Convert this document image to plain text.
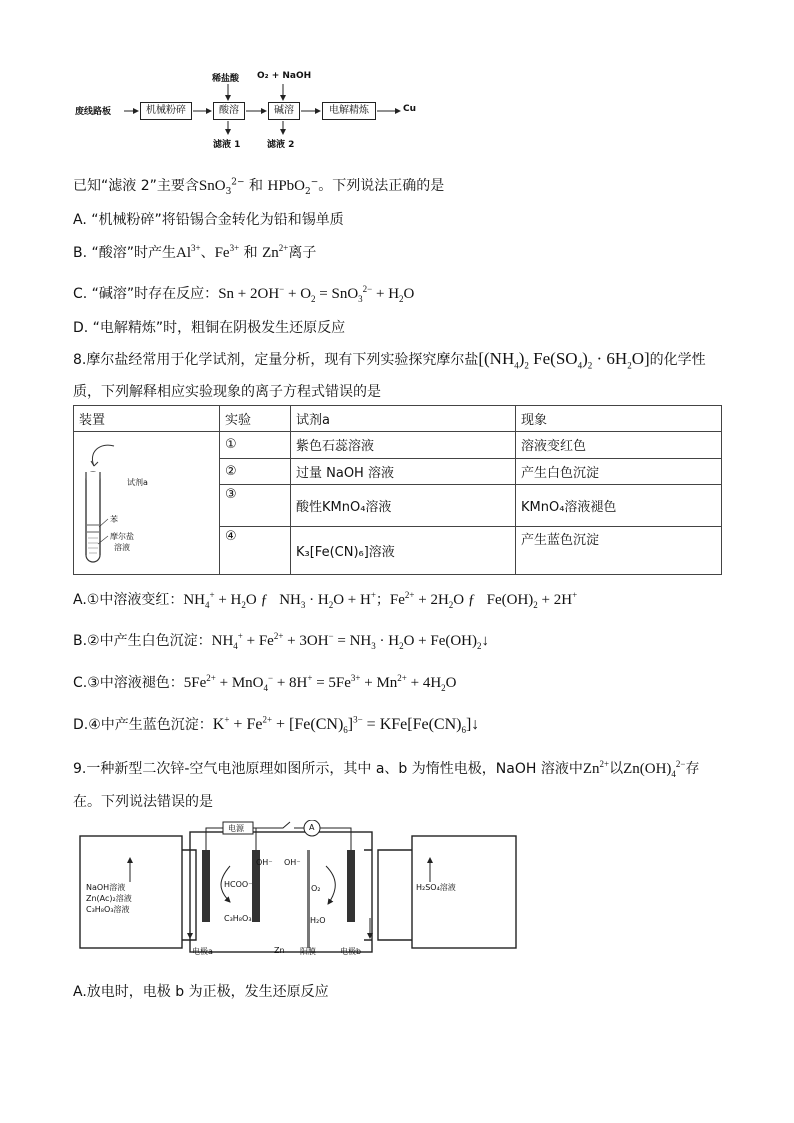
废线路板	机械粉碎	酸溶	碱溶	电解精炼	Cu
稀盐酸 O₂ + NaOH
滤液 1	滤液 2
已知“滤液 2”主要含SnO$_3^{2-}$ 和 HPbO$_2$−。下列说法正确的是
A. “机械粉碎”将铅锡合金转化为铅和锡单质
B. “酸溶”时产生$Al^{3+}$、$Fe^{3+}$ 和 $Zn^{2+}$离子
C. “碱溶”时存在反应：$Sn + 2OH^- + O_2 = SnO_3^{2-} + H_2O$
D. “电解精炼”时，粗铜在阴极发生还原反应
8.摩尔盐经常用于化学试剂，定量分析，现有下列实验探究摩尔盐[$(NH_4)_2$ $Fe(SO_4)_2 \cdot 6H_2O$]的化学性
质，下列解释相应实验现象的离子方程式错误的是
装置	实验	试剂a	现象

试剂a
苯
摩尔盐
溶液	①	紫色石蕊溶液	溶液变红色
	②	过量 NaOH 溶液	产生白色沉淀
	③	酸性KMnO₄溶液	KMnO₄溶液褪色
	④	K₃[Fe(CN)₆]溶液	产生蓝色沉淀
A.①中溶液变红：$NH_4^+ + H_2O$ ƒ   $NH_3 \cdot H_2O + H^+$；$Fe^{2+} + 2H_2O$ ƒ   $Fe(OH)_2 + 2H^+$
B.②中产生白色沉淀：$NH_4^+ + Fe^{2+} + 3OH^- = NH_3 \cdot H_2O$ + $Fe(OH)_2↓$
C.③中溶液褪色：$5Fe^{2+} + MnO_4^- + 8H^+ = 5Fe^{3+} + Mn^{2+} + 4H_2O$
D.④中产生蓝色沉淀：$K^+ + Fe^{2+} + [Fe(CN)_6]^{3-}$ = $KFe[Fe(CN)_6]↓$
9.一种新型二次锌-空气电池原理如图所示，其中 a、b 为惰性电极，NaOH 溶液中$Zn^{2+}$以$Zn(OH)_4^{2-}$存
在。下列说法错误的是
电源	A
NaOH溶液
Zn(Ac)₂溶液
C₃H₈O₃溶液
H₂SO₄溶液
HCOO⁻
C₃H₈O₃
OH⁻ OH⁻
O₂
H₂O
电极a	Zn 阳膜	电极b
A.放电时，电极 b 为正极，发生还原反应
